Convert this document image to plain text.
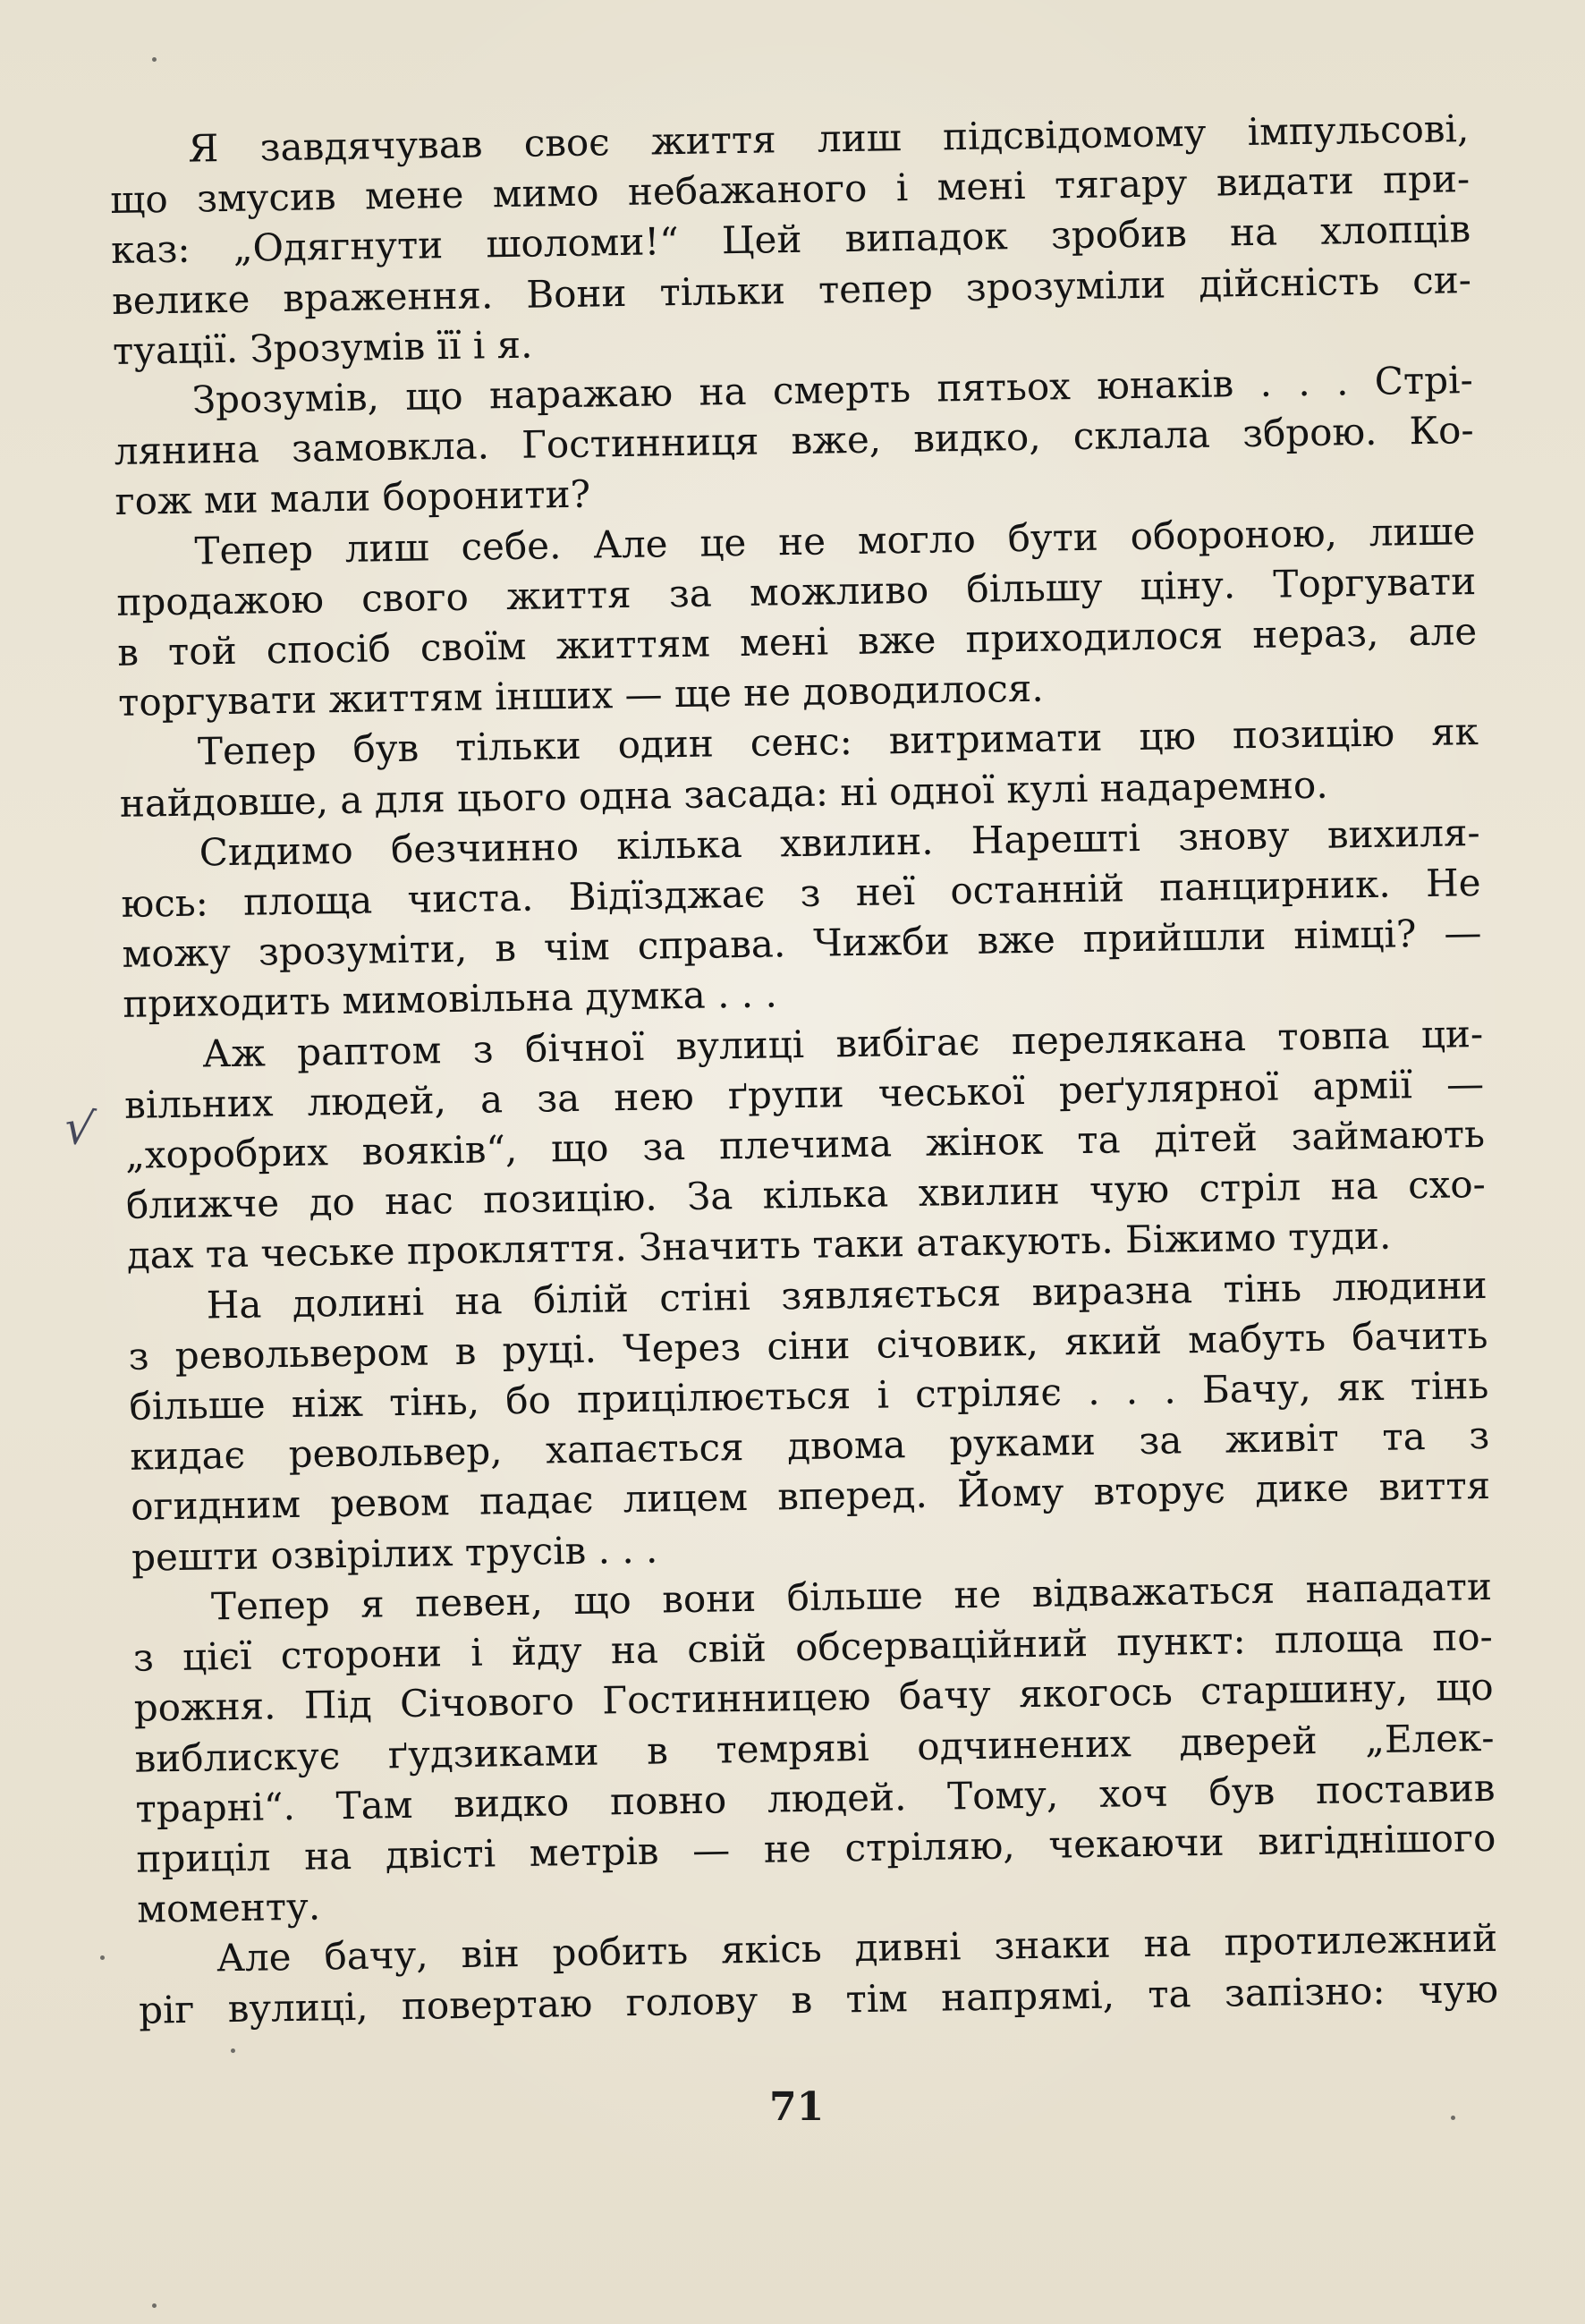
Я завдячував своє життя лиш підсвідомому імпульсові,
що змусив мене мимо небажаного і мені тягару видати при-
каз: „Одягнути шоломи!“ Цей випадок зробив на хлопців
велике враження. Вони тільки тепер зрозуміли дійсність си-
туації. Зрозумів її і я.

Зрозумів, що наражаю на смерть пятьох юнаків . . . Стрі-
лянина замовкла. Гостинниця вже, видко, склала зброю. Ко-
гож ми мали боронити?

Тепер лиш себе. Але це не могло бути обороною, лише
продажою свого життя за можливо більшу ціну. Торгувати
в той спосіб своїм життям мені вже приходилося нераз, але
торгувати життям інших — ще не доводилося.

Тепер був тільки один сенс: витримати цю позицію як
найдовше, а для цього одна засада: ні одної кулі надаремно.

Сидимо безчинно кілька хвилин. Нарешті знову вихиля-
юсь: площа чиста. Відїзджає з неї останній панцирник. Не
можу зрозуміти, в чім справа. Чижби вже прийшли німці? —
приходить мимовільна думка . . .

Аж раптом з бічної вулиці вибігає перелякана товпа ци-
вільних людей, а за нею ґрупи чеської реґулярної армії —
„хоробрих вояків“, що за плечима жінок та дітей займають
ближче до нас позицію. За кілька хвилин чую стріл на схо-
дах та чеське прокляття. Значить таки атакують. Біжимо туди.

На долині на білій стіні зявляється виразна тінь людини
з револьвером в руці. Через сіни січовик, який мабуть бачить
більше ніж тінь, бо прицілюється і стріляє . . . Бачу, як тінь
кидає револьвер, хапається двома руками за живіт та з
огидним ревом падає лицем вперед. Йому вторує дике виття
решти озвірілих трусів . . .

Тепер я певен, що вони більше не відважаться нападати
з цієї сторони і йду на свій обсерваційний пункт: площа по-
рожня. Під Січового Гостинницею бачу якогось старшину, що
виблискує ґудзиками в темряві одчинених дверей „Елек-
трарні“. Там видко повно людей. Тому, хоч був поставив
приціл на двісті метрів — не стріляю, чекаючи вигіднішого
моменту.

Але бачу, він робить якісь дивні знаки на протилежний
ріг вулиці, повертаю голову в тім напрямі, та запізно: чую

√
71
